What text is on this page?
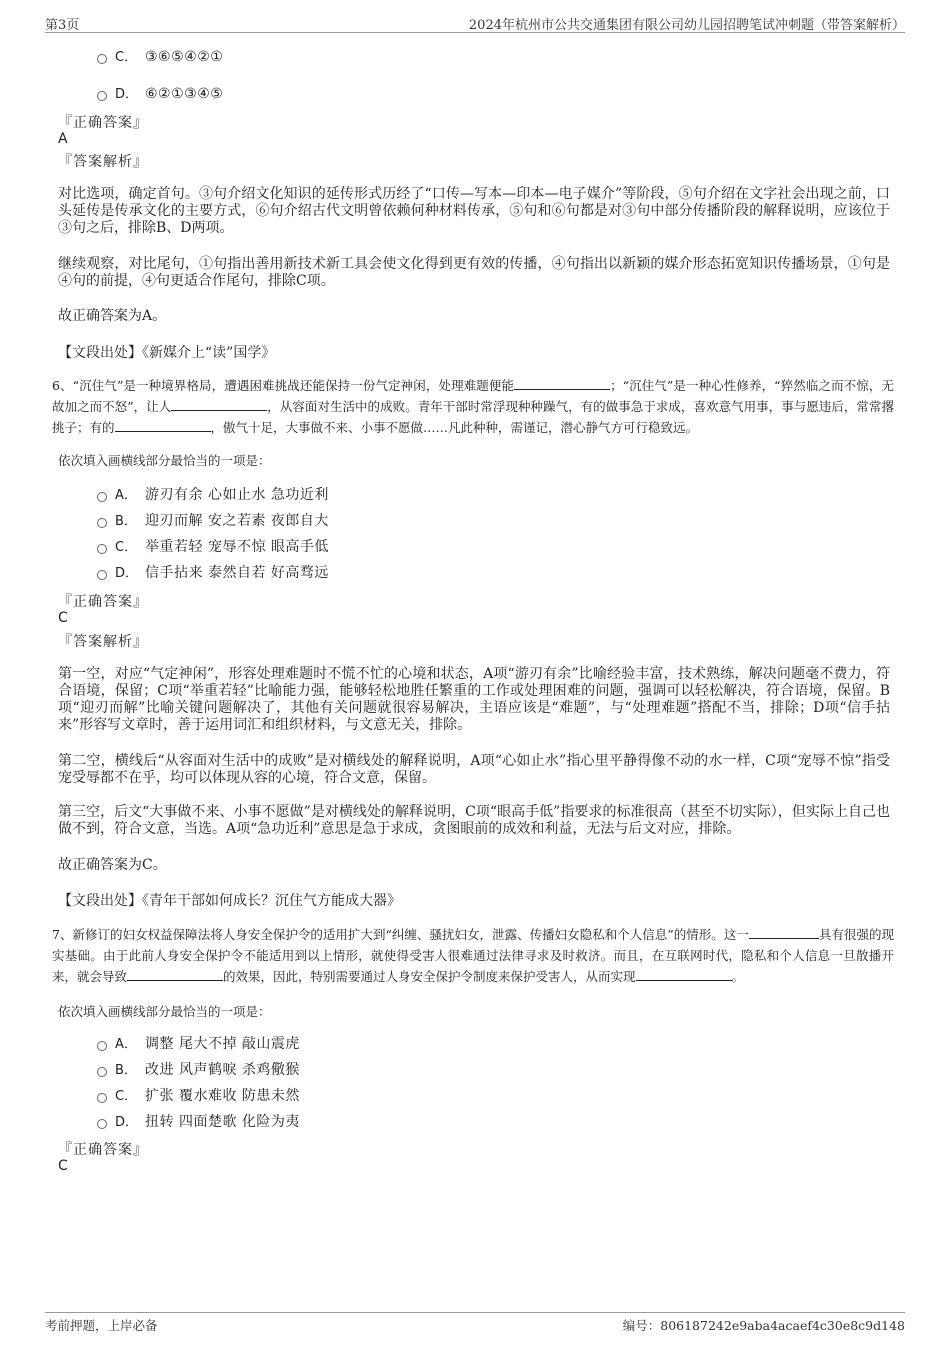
第3页	2024年杭州市公共交通集团有限公司幼儿园招聘笔试冲刺题（带答案解析）
C． ③⑥⑤④②①
D． ⑥②①③④⑤
『正确答案』
A
『答案解析』
对比选项，确定首句。③句介绍文化知识的延传形式历经了“口传—写本—印本—电子媒介”等阶段，⑤句介绍在文字社会出现之前，口头延传是传承文化的主要方式，⑥句介绍古代文明曾依赖何种材料传承，⑤句和⑥句都是对③句中部分传播阶段的解释说明，应该位于③句之后，排除B、D两项。
继续观察，对比尾句，①句指出善用新技术新工具会使文化得到更有效的传播，④句指出以新颖的媒介形态拓宽知识传播场景，①句是④句的前提，④句更适合作尾句，排除C项。
故正确答案为A。
【文段出处】《新媒介上“读”国学》
6、“沉住气”是一种境界格局，遭遇困难挑战还能保持一份气定神闲，处理难题便能	；“沉住气”是一种心性修养，“猝然临之而不惊，无故加之而不怒”，让人	，从容面对生活中的成败。青年干部时常浮现种种躁气，有的做事急于求成，喜欢意气用事，事与愿违后，常常撂挑子；有的	，傲气十足，大事做不来、小事不愿做……凡此种种，需谨记，潜心静气方可行稳致远。
依次填入画横线部分最恰当的一项是：
A． 游刃有余 心如止水 急功近利
B． 迎刃而解 安之若素 夜郎自大
C． 举重若轻 宠辱不惊 眼高手低
D． 信手拈来 泰然自若 好高骛远
『正确答案』
C
『答案解析』
第一空，对应“气定神闲”，形容处理难题时不慌不忙的心境和状态，A项“游刃有余”比喻经验丰富，技术熟练，解决问题毫不费力，符合语境，保留；C项“举重若轻”比喻能力强，能够轻松地胜任繁重的工作或处理困难的问题，强调可以轻松解决，符合语境，保留。B项“迎刃而解”比喻关键问题解决了，其他有关问题就很容易解决，主语应该是“难题”，与“处理难题”搭配不当，排除；D项“信手拈来”形容写文章时，善于运用词汇和组织材料，与文意无关，排除。
第二空，横线后“从容面对生活中的成败”是对横线处的解释说明，A项“心如止水”指心里平静得像不动的水一样，C项“宠辱不惊”指受宠受辱都不在乎，均可以体现从容的心境，符合文意，保留。
第三空，后文“大事做不来、小事不愿做”是对横线处的解释说明，C项“眼高手低”指要求的标准很高（甚至不切实际），但实际上自己也做不到，符合文意，当选。A项“急功近利”意思是急于求成，贪图眼前的成效和利益，无法与后文对应，排除。
故正确答案为C。
【文段出处】《青年干部如何成长？沉住气方能成大器》
7、新修订的妇女权益保障法将人身安全保护令的适用扩大到“纠缠、骚扰妇女，泄露、传播妇女隐私和个人信息”的情形。这一	具有很强的现实基础。由于此前人身安全保护令不能适用到以上情形，就使得受害人很难通过法律寻求及时救济。而且，在互联网时代，隐私和个人信息一旦散播开来，就会导致	的效果，因此，特别需要通过人身安全保护令制度来保护受害人，从而实现	。
依次填入画横线部分最恰当的一项是：
A． 调整 尾大不掉 敲山震虎
B． 改进 风声鹤唳 杀鸡儆猴
C． 扩张 覆水难收 防患未然
D． 扭转 四面楚歌 化险为夷
『正确答案』
C
考前押题，上岸必备	编号：806187242e9aba4acaef4c30e8c9d148
